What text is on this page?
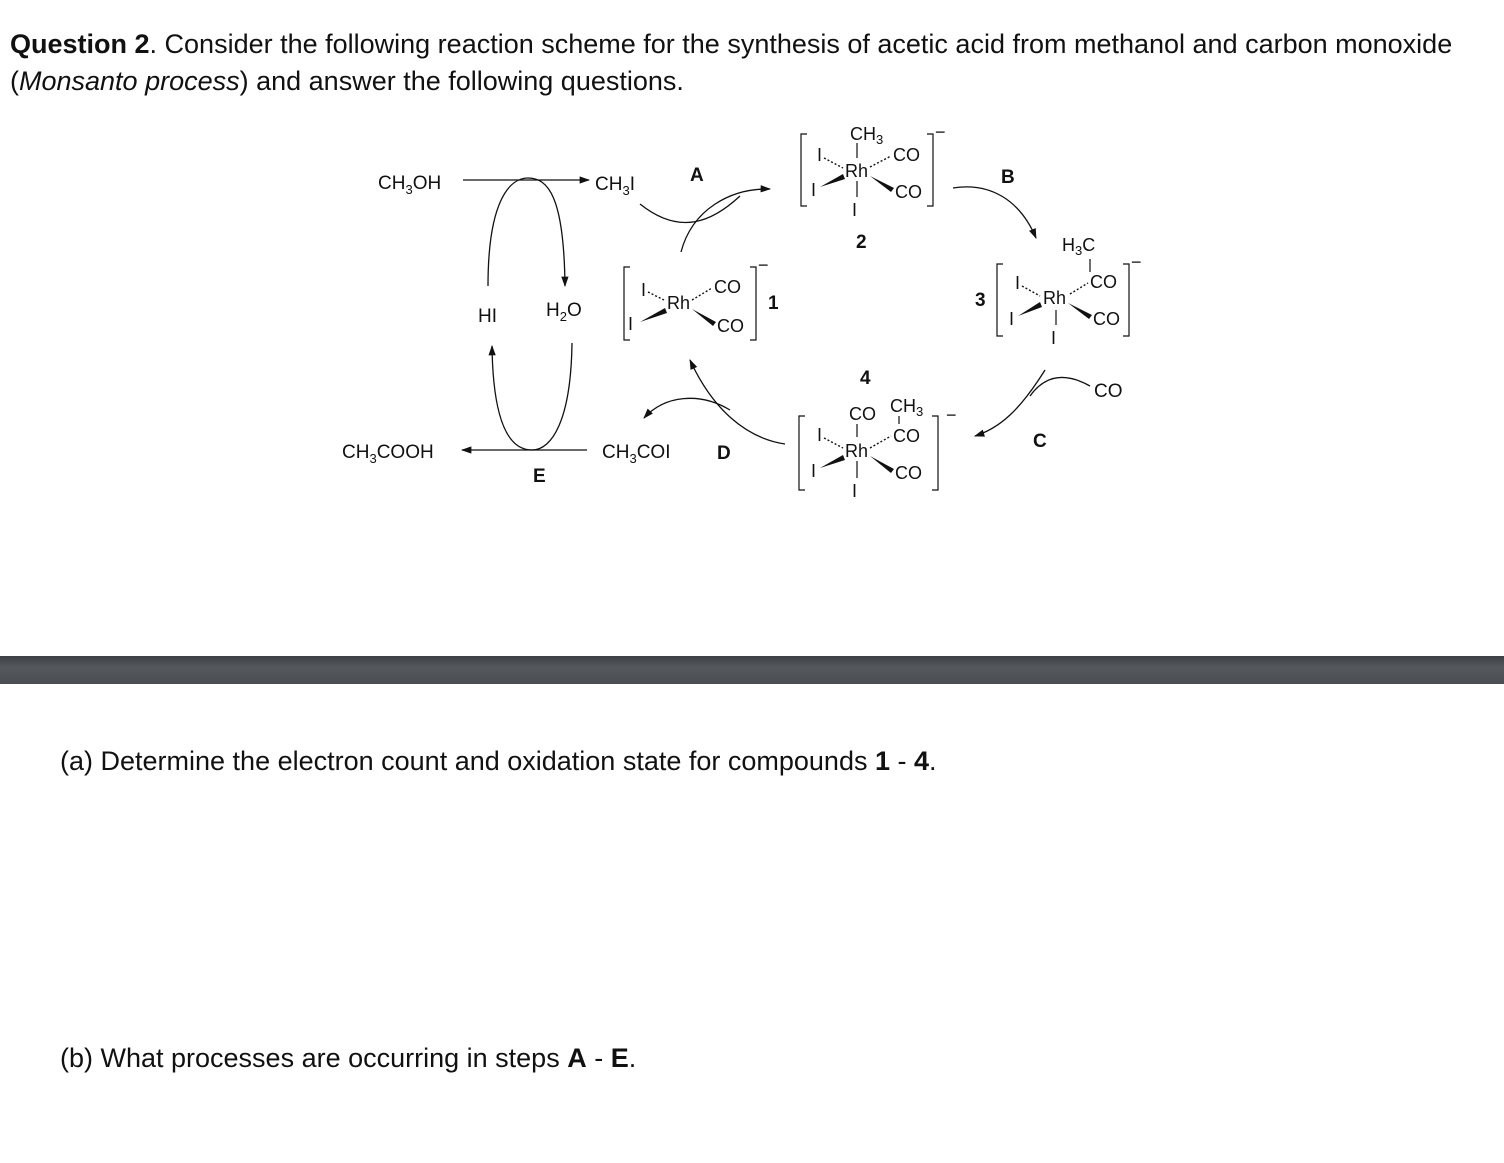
Question 2. Consider the following reaction scheme for the synthesis of acetic acid from methanol and carbon monoxide (Monsanto process) and answer the following questions.
$CH_3OH$	$CH_3I$
HI	$H_2O$
$CH_3COOH$	$CH_3COI$
A	B
C
D
E
1
2
3
4
CO
−
Rh
I
I
CO
CO
−
$CH_3$
Rh
I
I
CO
CO
I
−
$H_3C$
CO
Rh
I
I	CO
I
−
CO $CH_3$
CO
Rh
I
I	CO
I
(a) Determine the electron count and oxidation state for compounds 1 - 4.
(b) What processes are occurring in steps A - E.
